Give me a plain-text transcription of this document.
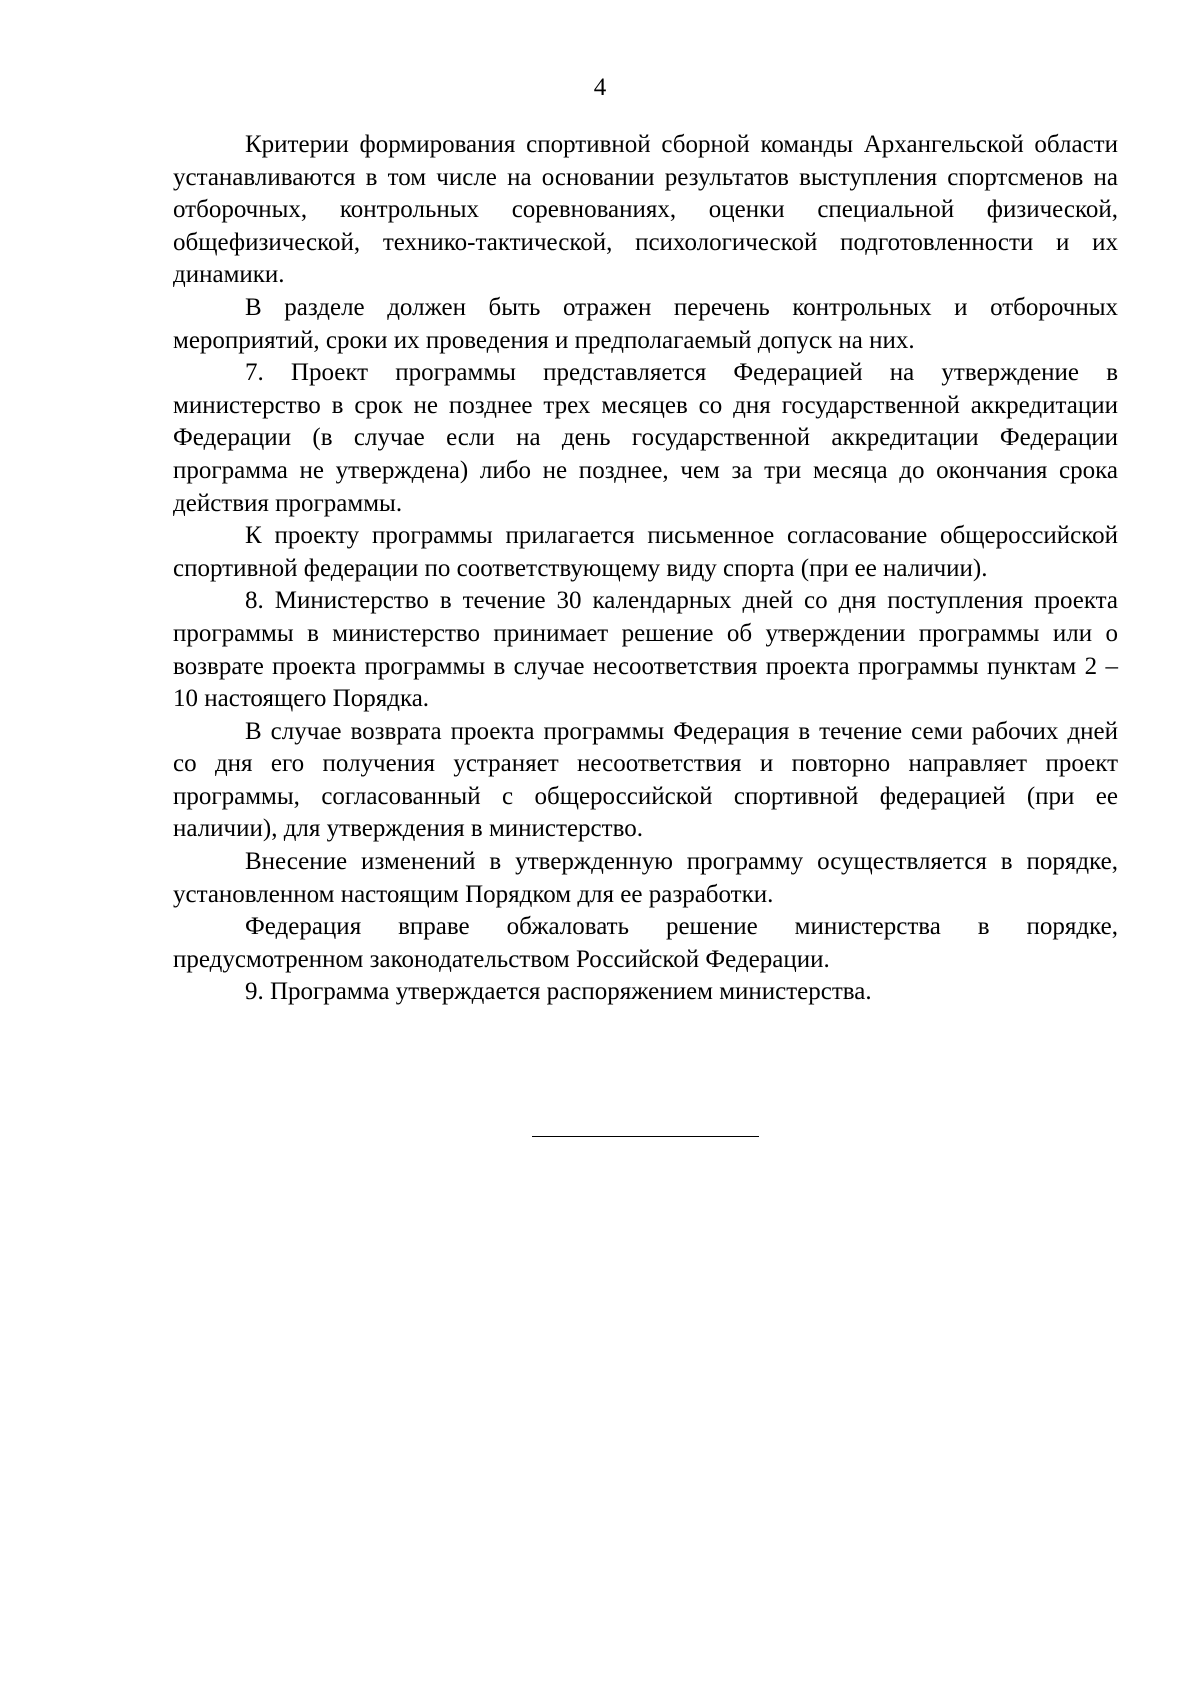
4

Критерии формирования спортивной сборной команды Архангельской области устанавливаются в том числе на основании результатов выступления спортсменов на отборочных, контрольных соревнованиях, оценки специальной физической, общефизической, технико-тактической, психологической подготовленности и их динамики.

В разделе должен быть отражен перечень контрольных и отборочных мероприятий, сроки их проведения и предполагаемый допуск на них.

7. Проект программы представляется Федерацией на утверждение в министерство в срок не позднее трех месяцев со дня государственной аккредитации Федерации (в случае если на день государственной аккредитации Федерации программа не утверждена) либо не позднее, чем за три месяца до окончания срока действия программы.

К проекту программы прилагается письменное согласование общероссийской спортивной федерации по соответствующему виду спорта (при ее наличии).

8. Министерство в течение 30 календарных дней со дня поступления проекта программы в министерство принимает решение об утверждении программы или о возврате проекта программы в случае несоответствия проекта программы пунктам 2 – 10 настоящего Порядка.

В случае возврата проекта программы Федерация в течение семи рабочих дней со дня его получения устраняет несоответствия и повторно направляет проект программы, согласованный с общероссийской спортивной федерацией (при ее наличии), для утверждения в министерство.

Внесение изменений в утвержденную программу осуществляется в порядке, установленном настоящим Порядком для ее разработки.

Федерация вправе обжаловать решение министерства в порядке, предусмотренном законодательством Российской Федерации.

9. Программа утверждается распоряжением министерства.
